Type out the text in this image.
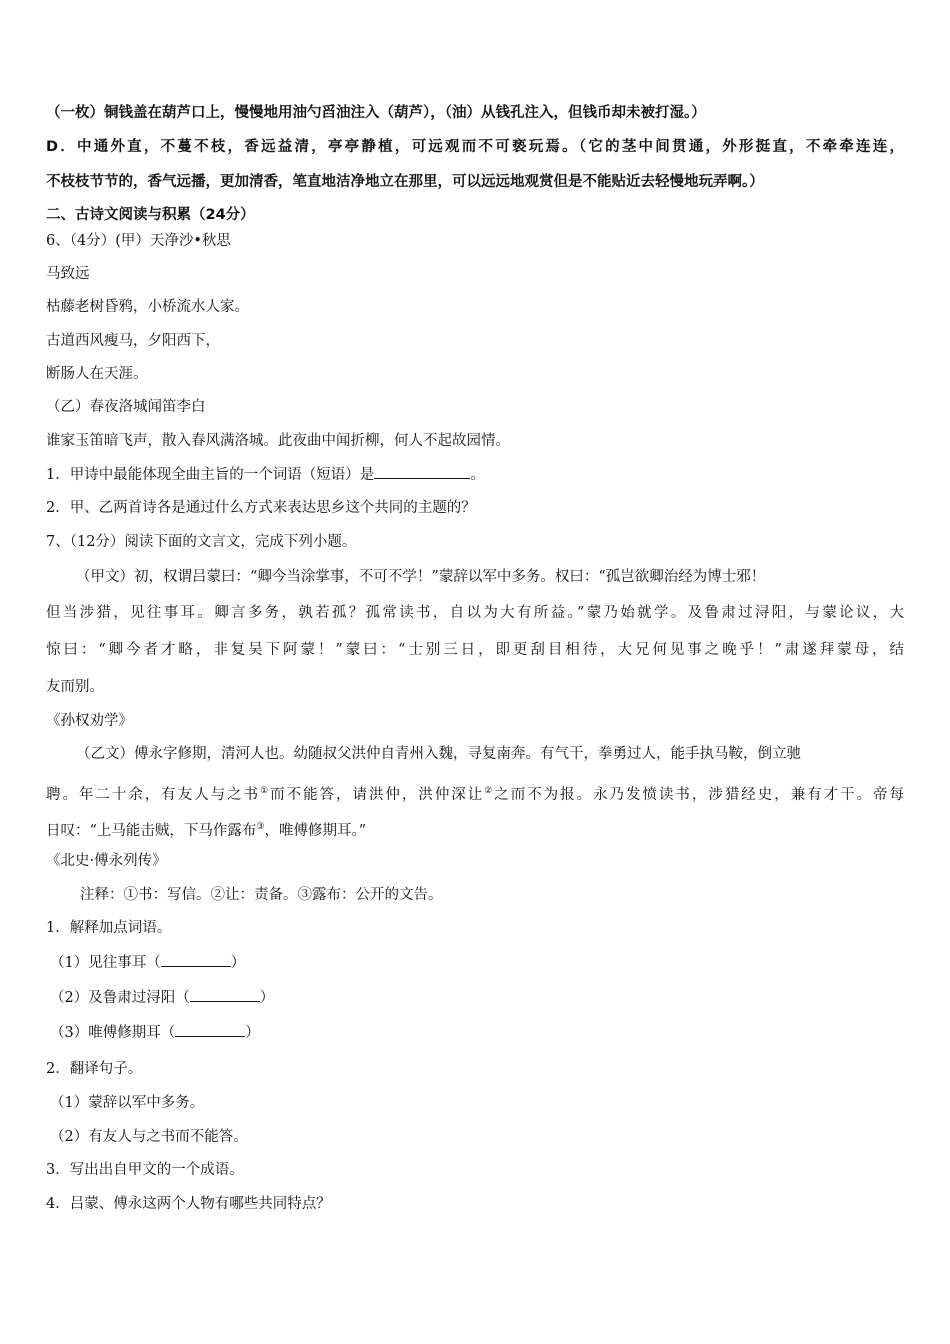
（一枚）铜钱盖在葫芦口上，慢慢地用油勺舀油注入（葫芦），（油）从钱孔注入，但钱币却未被打湿。）
D．中通外直，不蔓不枝，香远益清，亭亭静植，可远观而不可亵玩焉。（它的茎中间贯通，外形挺直，不牵牵连连，
不枝枝节节的，香气远播，更加清香，笔直地洁净地立在那里，可以远远地观赏但是不能贴近去轻慢地玩弄啊。）
二、古诗文阅读与积累（24分）
6、（4分）(甲）天净沙•秋思
马致远
枯藤老树昏鸦，小桥流水人家。
古道西风瘦马，夕阳西下，
断肠人在天涯。
（乙）春夜洛城闻笛李白
谁家玉笛暗飞声，散入春风满洛城。此夜曲中闻折柳，何人不起故园情。
1．甲诗中最能体现全曲主旨的一个词语（短语）是	。
2．甲、乙两首诗各是通过什么方式来表达思乡这个共同的主题的？
7、（12分）阅读下面的文言文，完成下列小题。
（甲文）初，权谓吕蒙曰：“卿今当涂掌事，不可不学！”蒙辞以军中多务。权曰：“孤岂欲卿治经为博士邪！
但当涉猎，见往事耳。卿言多务，孰若孤？孤常读书，自以为大有所益。”蒙乃始就学。及鲁肃过浔阳，与蒙论议，大
惊曰：“卿今者才略，非复吴下阿蒙！”蒙曰：“士别三日，即更刮目相待，大兄何见事之晚乎！”肃遂拜蒙母，结
友而别。
《孙权劝学》
（乙文）傅永字修期，清河人也。幼随叔父洪仲自青州入魏，寻复南奔。有气干，拳勇过人，能手执马鞍，倒立驰
聘。年二十余，有友人与之书①而不能答，请洪仲，洪仲深让②之而不为报。永乃发愤读书，涉猎经史，兼有才干。帝每
日叹：“上马能击贼，下马作露布③，唯傅修期耳。”
《北史·傅永列传》
注释：①书：写信。②让：责备。③露布：公开的文告。
1．解释加点词语。
（1）见往事耳（	）
（2）及鲁肃过浔阳（	）
（3）唯傅修期耳（	）
2．翻译句子。
（1）蒙辞以军中多务。
（2）有友人与之书而不能答。
3．写出出自甲文的一个成语。
4．吕蒙、傅永这两个人物有哪些共同特点？
